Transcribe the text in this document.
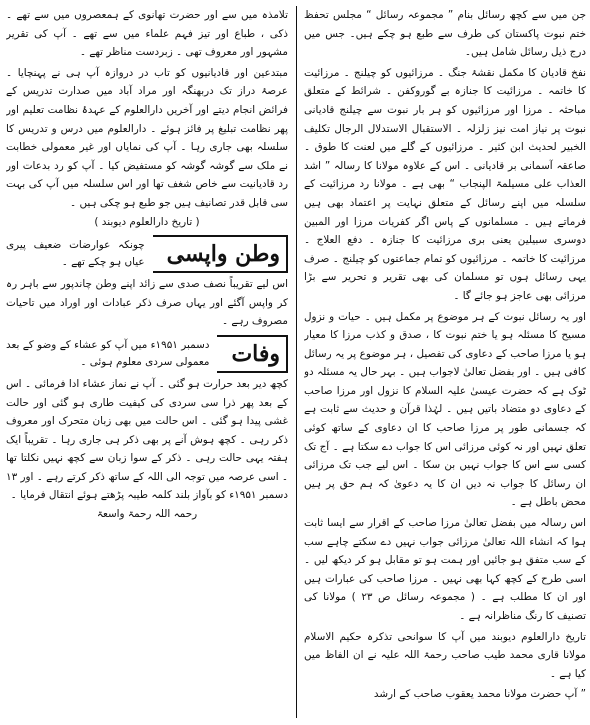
جن میں سے کچھ رسائل بنام ” مجموعہ رسائل “ مجلس تحفظ ختم نبوت پاکستان کی طرف سے طبع ہو چکے ہیں۔ جس میں درج ذیل رسائل شامل ہیں۔

نفخ قادیان کا مکمل نقشۂ جنگ ۔ مرزائیوں کو چیلنج ۔ مرزائیت کا خاتمہ ۔ مرزائیت کا جنازہ بے گوروکفن ۔ شرائط کے متعلق مباحثہ ۔ مرزا اور مرزائیوں کو ہر بار نبوت سے چیلنج قادیانی نبوت پر نیاز امت نیز زلزلہ ۔ الاستقبال الاستدلال الرجال تکلیف الخبیر لحدیث ابن کثیر ۔ مرزائیوں کے گلے میں لعنت کا طوق ۔ صاعقہ آسمانی بر قادیانی ۔ اس کے علاوہ مولانا کا رسالہ ” اشد العذاب علی مسیلمۃ الپنجاب “ بھی ہے ۔ مولانا رد مرزائیت کے سلسلہ میں اپنے رسائل کے متعلق نہایت پر اعتماد بھی ہیں فرماتے ہیں ۔ مسلمانوں کے پاس اگر کفریات مرزا اور المبین دوسری سبیلین یعنی بری مرزائیت کا جنازہ ۔ دفع العلاج ۔ مرزائیت کا خاتمہ ۔ مرزائیوں کو تمام جماعتوں کو چیلنج ۔ صرف یہی رسائل ہوں تو مسلمان کی بھی تقریر و تحریر سے بڑا مرزائی بھی عاجز ہو جائے گا ۔

اور یہ رسائل نبوت کے ہر موضوع پر مکمل ہیں ۔ حیات و نزول مسیح کا مسئلہ ہو یا ختم نبوت کا ، صدق و کذب مرزا کا معیار ہو یا مرزا صاحب کے دعاوی کی تفصیل ، ہر موضوع پر یہ رسائل کافی ہیں ۔ اور بفضل تعالیٰ لاجواب ہیں ۔ بہر حال یہ مسئلہ دو ٹوک ہے کہ حضرت عیسیٰ علیہ السلام کا نزول اور مرزا صاحب کے دعاوی دو متضاد باتیں ہیں ۔ لہٰذا قرآن و حدیث سے ثابت ہے کہ جسمانی طور پر مرزا صاحب کا ان دعاوی کے ساتھ کوئی تعلق نہیں اور نہ کوئی مرزائی اس کا جواب دے سکتا ہے ۔ آج تک کسی سے اس کا جواب نہیں بن سکا ۔ اس لیے جب تک مرزائی ان رسائل کا جواب نہ دیں ان کا یہ دعویٰ کہ ہم حق پر ہیں محض باطل ہے ۔

اس رسالہ میں بفضل تعالیٰ مرزا صاحب کے اقرار سے ایسا ثابت ہوا کہ انشاء اللہ تعالیٰ مرزائی جواب نہیں دے سکتے چاہے سب کے سب متفق ہو جائیں اور ہمت ہو تو مقابل ہو کر دیکھ لیں ۔ اسی طرح کے کچھ کہا بھی نہیں ۔ مرزا صاحب کی عبارات ہیں اور ان کا مطلب ہے ۔ ( مجموعہ رسائل ص ۲۳ ) مولانا کی تصنیف کا رنگ مناظرانہ ہے ۔

تاریخ دارالعلوم دیوبند میں آپ کا سوانحی تذکرہ حکیم الاسلام مولانا قاری محمد طیب صاحب رحمۃ اللہ علیہ نے ان الفاظ میں کیا ہے ۔

” آپ حضرت مولانا محمد یعقوب صاحب کے ارشد

تلامذہ میں سے اور حضرت تھانوی کے ہمعصروں میں سے تھے ۔ ذکی ، طباع اور تیز فہم علماء میں سے تھے ۔ آپ کی تقریر مشہور اور معروف تھی ۔ زبردست مناظر تھے ۔

مبتدعین اور قادیانیوں کو تاب در دروازہ آپ ہی نے پہنچایا ۔ عرصۂ دراز تک دربھنگہ اور مراد آباد میں صدارت تدریس کے فرائض انجام دیتے اور آخریں دارالعلوم کے عہدۂ نظامت تعلیم اور پھر نظامت تبلیغ پر فائز ہوئے ۔ دارالعلوم میں درس و تدریس کا سلسلہ بھی جاری رہا ۔ آپ کی نمایاں اور غیر معمولی خطابت نے ملک سے گوشہ گوشہ کو مستفیض کیا ۔ آپ کو رد بدعات اور رد قادیانیت سے خاص شغف تھا اور اس سلسلہ میں آپ کی بہت سی قابل قدر تصانیف ہیں جو طبع ہو چکی ہیں ۔

( تاریخ دارالعلوم دیوبند )

وطن واپسی
چونکہ عوارضات ضعیف پیری عیاں ہو چکے تھے ۔

اس لیے تقریباً نصف صدی سے زائد اپنے وطن چاندپور سے باہر رہ کر واپس آگئے اور یہاں صرف ذکر عبادات اور اوراد میں تاحیات مصروف رہے ۔

وفات
دسمبر ۱۹۵۱ء میں آپ کو عشاء کے وضو کے بعد معمولی سردی معلوم ہوئی ۔

کچھ دیر بعد حرارت ہو گئی ۔ آپ نے نماز عشاء ادا فرمائی ۔ اس کے بعد پھر ذرا سی سردی کی کیفیت طاری ہو گئی اور حالت غشی پیدا ہو گئی ۔ اس حالت میں بھی زبان متحرک اور معروف ذکر رہی ۔ کچھ ہوش آنے پر بھی ذکر ہی جاری رہا ۔ تقریباً ایک ہفتہ یہی حالت رہی ۔ ذکر کے سوا زبان سے کچھ نہیں نکلتا تھا ۔ اسی عرصہ میں توجہ الی اللہ کے ساتھ ذکر کرتے رہے ۔ اور ۱۳ دسمبر ۱۹۵۱ء کو بآواز بلند کلمہ طیبہ پڑھتے ہوئے انتقال فرمایا ۔

رحمہ اللہ رحمۃ واسعۃ
